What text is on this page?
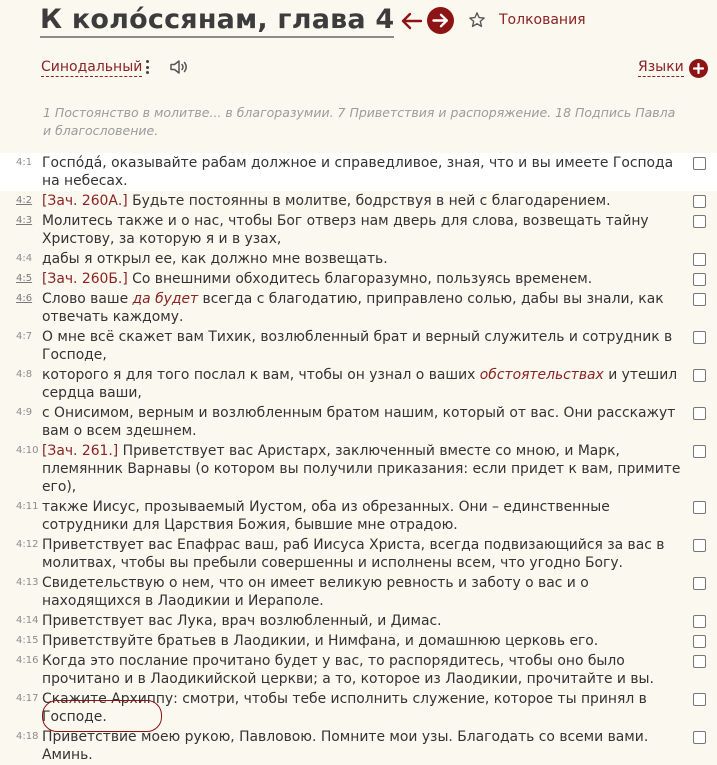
К коло́ссянам, глава 4	Толкования
Синодальный	Языки
1 Постоянство в молитве... в благоразумии. 7 Приветствия и распоряжение. 18 Подпись Павла и благословение.
4:1 Госпо́дá, оказывайте рабам должное и справедливое, зная, что и вы имеете Господа на небесах.
4:2 [Зач. 260А.] Будьте постоянны в молитве, бодрствуя в ней с благодарением.
4:3 Молитесь также и о нас, чтобы Бог отверз нам дверь для слова, возвещать тайну Христову, за которую я и в узах,
4:4 дабы я открыл ее, как должно мне возвещать.
4:5 [Зач. 260Б.] Со внешними обходитесь благоразумно, пользуясь временем.
4:6 Слово ваше да будет всегда с благодатию, приправлено солью, дабы вы знали, как отвечать каждому.
4:7 О мне всё скажет вам Тихик, возлюбленный брат и верный служитель и сотрудник в Господе,
4:8 которого я для того послал к вам, чтобы он узнал о ваших обстоятельствах и утешил сердца ваши,
4:9 с Онисимом, верным и возлюбленным братом нашим, который от вас. Они расскажут вам о всем здешнем.
4:10 [Зач. 261.] Приветствует вас Аристарх, заключенный вместе со мною, и Марк, племянник Варнавы (о котором вы получили приказания: если придет к вам, примите его),
4:11 также Иисус, прозываемый Иустом, оба из обрезанных. Они – единственные сотрудники для Царствия Божия, бывшие мне отрадою.
4:12 Приветствует вас Епафрас ваш, раб Иисуса Христа, всегда подвизающийся за вас в молитвах, чтобы вы пребыли совершенны и исполнены всем, что угодно Богу.
4:13 Свидетельствую о нем, что он имеет великую ревность и заботу о вас и о находящихся в Лаодикии и Иераполе.
4:14 Приветствует вас Лука, врач возлюбленный, и Димас.
4:15 Приветствуйте братьев в Лаодикии, и Нимфана, и домашнюю церковь его.
4:16 Когда это послание прочитано будет у вас, то распорядитесь, чтобы оно было прочитано и в Лаодикийской церкви; а то, которое из Лаодикии, прочитайте и вы.
4:17 Скажите Архиппу: смотри, чтобы тебе исполнить служение, которое ты принял в Господе.
4:18 Приветствие моею рукою, Павловою. Помните мои узы. Благодать со всеми вами. Аминь.
